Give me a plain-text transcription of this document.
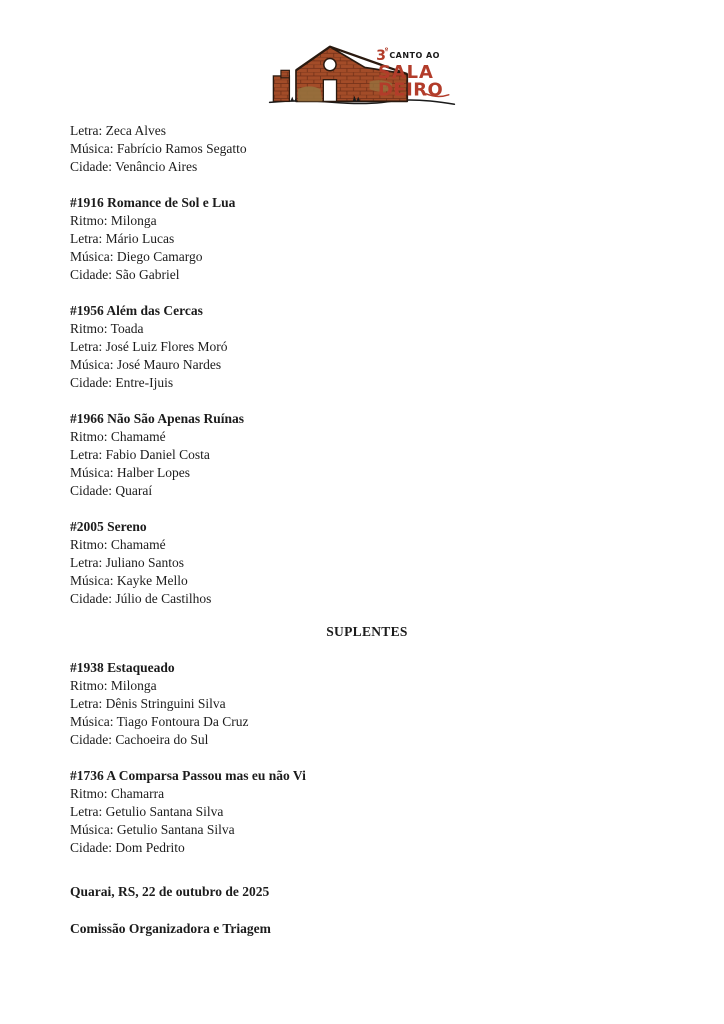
3
º
CANTO AO
SALA
DEIRO

Letra: Zeca Alves

Música: Fabrício Ramos Segatto

Cidade: Venâncio Aires

#1916 Romance de Sol e Lua

Ritmo: Milonga

Letra: Mário Lucas

Música: Diego Camargo

Cidade: São Gabriel

#1956 Além das Cercas

Ritmo: Toada

Letra: José Luiz Flores Moró

Música: José Mauro Nardes

Cidade: Entre-Ijuis

#1966 Não São Apenas Ruínas

Ritmo: Chamamé

Letra: Fabio Daniel Costa

Música: Halber Lopes

Cidade: Quaraí

#2005 Sereno

Ritmo: Chamamé

Letra: Juliano Santos

Música: Kayke Mello

Cidade: Júlio de Castilhos

SUPLENTES

#1938 Estaqueado

Ritmo: Milonga

Letra: Dênis Stringuini Silva

Música: Tiago Fontoura Da Cruz

Cidade: Cachoeira do Sul

#1736 A Comparsa Passou mas eu não Vi

Ritmo: Chamarra

Letra: Getulio Santana Silva

Música: Getulio Santana Silva

Cidade: Dom Pedrito

Quarai, RS, 22 de outubro de 2025

Comissão Organizadora e Triagem
